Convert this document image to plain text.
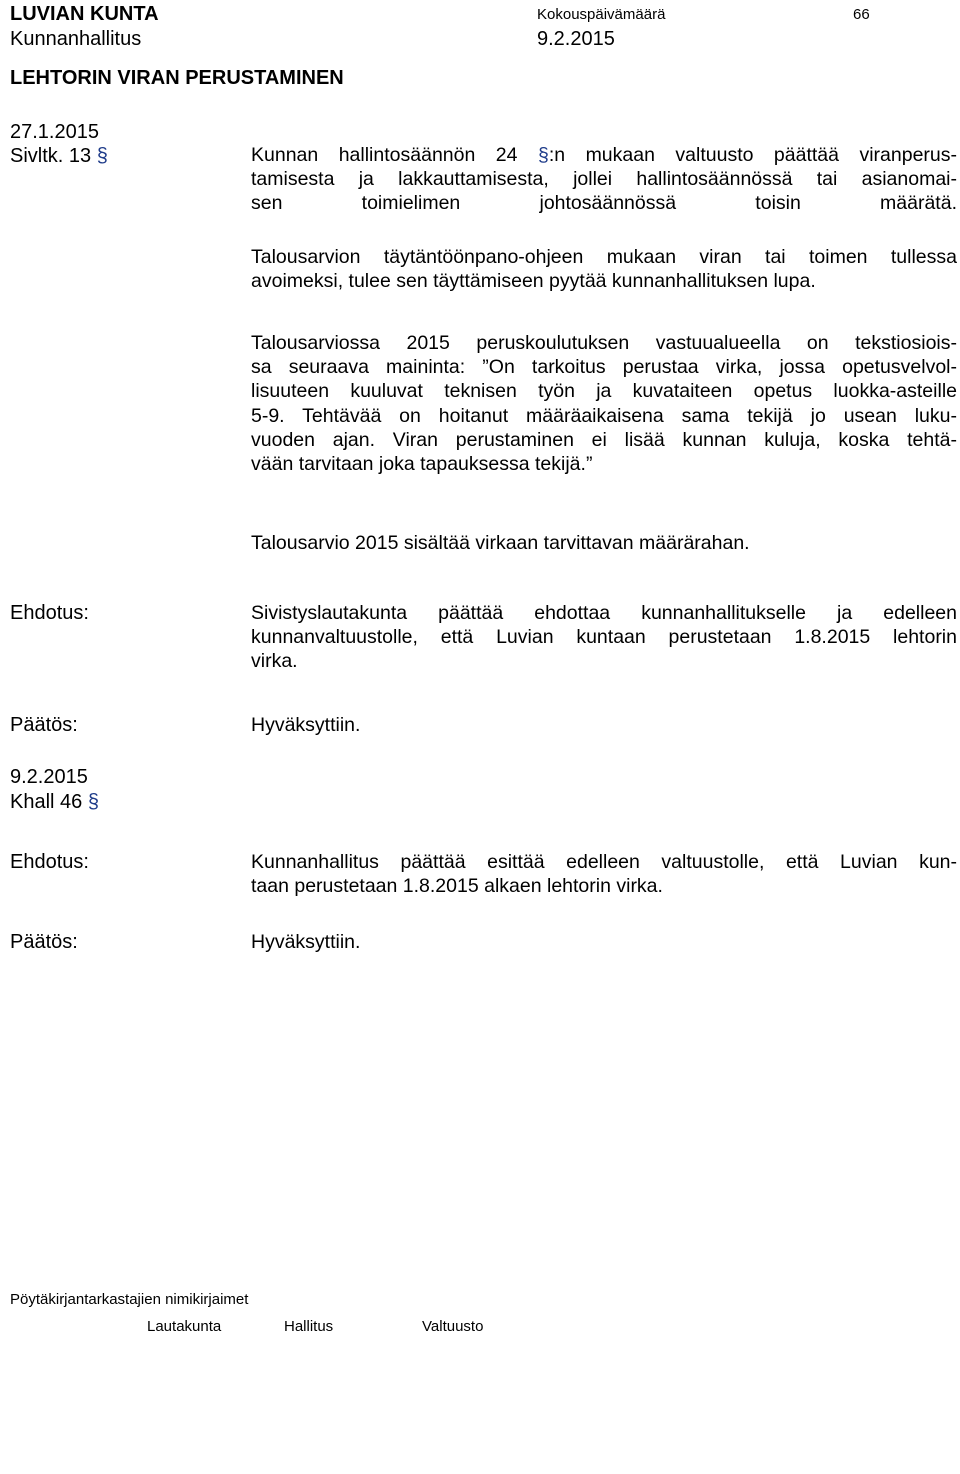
LUVIAN KUNTA	Kokouspäivämäärä	66
Kunnanhallitus	9.2.2015
LEHTORIN VIRAN PERUSTAMINEN
27.1.2015
Sivltk. 13 §	Kunnan hallintosäännön 24 §:n mukaan valtuusto päättää viranperus-
tamisesta ja lakkauttamisesta, jollei hallintosäännössä tai asianomai-
sen toimielimen johtosäännössä toisin määrätä.
Talousarvion täytäntöönpano-ohjeen mukaan viran tai toimen tullessa
avoimeksi, tulee sen täyttämiseen pyytää kunnanhallituksen lupa.
Talousarviossa 2015 peruskoulutuksen vastuualueella on tekstiosiois-
sa seuraava maininta: ”On tarkoitus perustaa virka, jossa opetusvelvol-
lisuuteen kuuluvat teknisen työn ja kuvataiteen opetus luokka-asteille
5-9. Tehtävää on hoitanut määräaikaisena sama tekijä jo usean luku-
vuoden ajan. Viran perustaminen ei lisää kunnan kuluja, koska tehtä-
vään tarvitaan joka tapauksessa tekijä.”
Talousarvio 2015 sisältää virkaan tarvittavan määrärahan.
Ehdotus:	Sivistyslautakunta päättää ehdottaa kunnanhallitukselle ja edelleen
kunnanvaltuustolle, että Luvian kuntaan perustetaan 1.8.2015 lehtorin
virka.
Päätös:	Hyväksyttiin.
9.2.2015
Khall 46 §
Ehdotus:	Kunnanhallitus päättää esittää edelleen valtuustolle, että Luvian kun-
taan perustetaan 1.8.2015 alkaen lehtorin virka.
Päätös:	Hyväksyttiin.
Pöytäkirjantarkastajien nimikirjaimet
Lautakunta	Hallitus	Valtuusto
